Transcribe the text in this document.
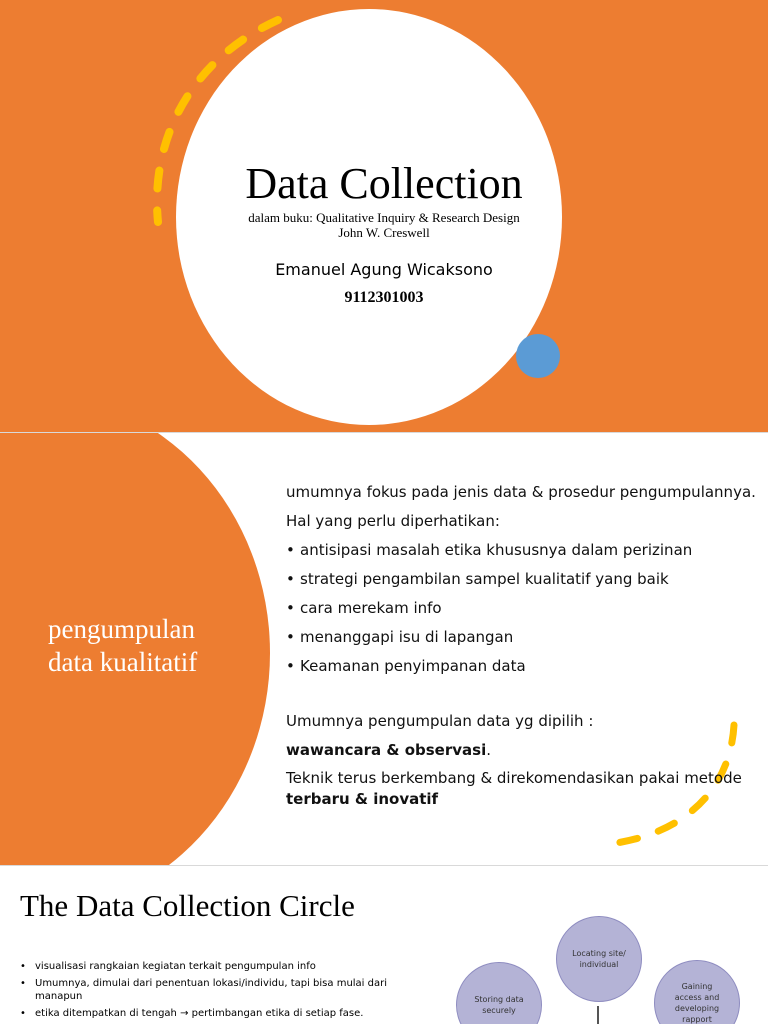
Data Collection
dalam buku: Qualitative Inquiry & Research Design
John W. Creswell
Emanuel Agung Wicaksono
9112301003
pengumpulan
data kualitatif
umumnya fokus pada jenis data & prosedur pengumpulannya.
Hal yang perlu diperhatikan:
• antisipasi masalah etika khususnya dalam perizinan
• strategi pengambilan sampel kualitatif yang baik
• cara merekam info
• menanggapi isu di lapangan
• Keamanan penyimpanan data
Umumnya pengumpulan data yg dipilih :
wawancara & observasi.
Teknik terus berkembang & direkomendasikan pakai metode
terbaru & inovatif
The Data Collection Circle
• visualisasi rangkaian kegiatan terkait pengumpulan info
• Umumnya, dimulai dari penentuan lokasi/individu, tapi bisa mulai dari manapun
• etika ditempatkan di tengah → pertimbangan etika di setiap fase.
Locating site/ individual
Storing data securely
Gaining access and developing rapport
